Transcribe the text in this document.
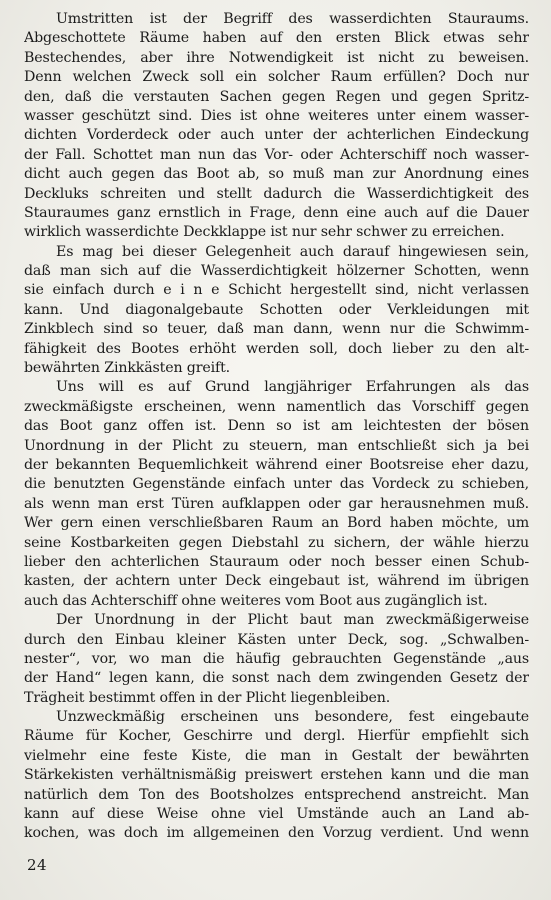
Umstritten ist der Begriff des wasserdichten Stauraums.
Abgeschottete Räume haben auf den ersten Blick etwas sehr
Bestechendes, aber ihre Notwendigkeit ist nicht zu beweisen.
Denn welchen Zweck soll ein solcher Raum erfüllen? Doch nur
den, daß die verstauten Sachen gegen Regen und gegen Spritz-
wasser geschützt sind. Dies ist ohne weiteres unter einem wasser-
dichten Vorderdeck oder auch unter der achterlichen Eindeckung
der Fall. Schottet man nun das Vor- oder Achterschiff noch wasser-
dicht auch gegen das Boot ab, so muß man zur Anordnung eines
Deckluks schreiten und stellt dadurch die Wasserdichtigkeit des
Stauraumes ganz ernstlich in Frage, denn eine auch auf die Dauer
wirklich wasserdichte Deckklappe ist nur sehr schwer zu erreichen.
Es mag bei dieser Gelegenheit auch darauf hingewiesen sein,
daß man sich auf die Wasserdichtigkeit hölzerner Schotten, wenn
sie einfach durch e i n e Schicht hergestellt sind, nicht verlassen
kann. Und diagonalgebaute Schotten oder Verkleidungen mit
Zinkblech sind so teuer, daß man dann, wenn nur die Schwimm-
fähigkeit des Bootes erhöht werden soll, doch lieber zu den alt-
bewährten Zinkkästen greift.
Uns will es auf Grund langjähriger Erfahrungen als das
zweckmäßigste erscheinen, wenn namentlich das Vorschiff gegen
das Boot ganz offen ist. Denn so ist am leichtesten der bösen
Unordnung in der Plicht zu steuern, man entschließt sich ja bei
der bekannten Bequemlichkeit während einer Bootsreise eher dazu,
die benutzten Gegenstände einfach unter das Vordeck zu schieben,
als wenn man erst Türen aufklappen oder gar herausnehmen muß.
Wer gern einen verschließbaren Raum an Bord haben möchte, um
seine Kostbarkeiten gegen Diebstahl zu sichern, der wähle hierzu
lieber den achterlichen Stauraum oder noch besser einen Schub-
kasten, der achtern unter Deck eingebaut ist, während im übrigen
auch das Achterschiff ohne weiteres vom Boot aus zugänglich ist.
Der Unordnung in der Plicht baut man zweckmäßigerweise
durch den Einbau kleiner Kästen unter Deck, sog. „Schwalben-
nester“, vor, wo man die häufig gebrauchten Gegenstände „aus
der Hand“ legen kann, die sonst nach dem zwingenden Gesetz der
Trägheit bestimmt offen in der Plicht liegenbleiben.
Unzweckmäßig erscheinen uns besondere, fest eingebaute
Räume für Kocher, Geschirre und dergl. Hierfür empfiehlt sich
vielmehr eine feste Kiste, die man in Gestalt der bewährten
Stärkekisten verhältnismäßig preiswert erstehen kann und die man
natürlich dem Ton des Bootsholzes entsprechend anstreicht. Man
kann auf diese Weise ohne viel Umstände auch an Land ab-
kochen, was doch im allgemeinen den Vorzug verdient. Und wenn
24
